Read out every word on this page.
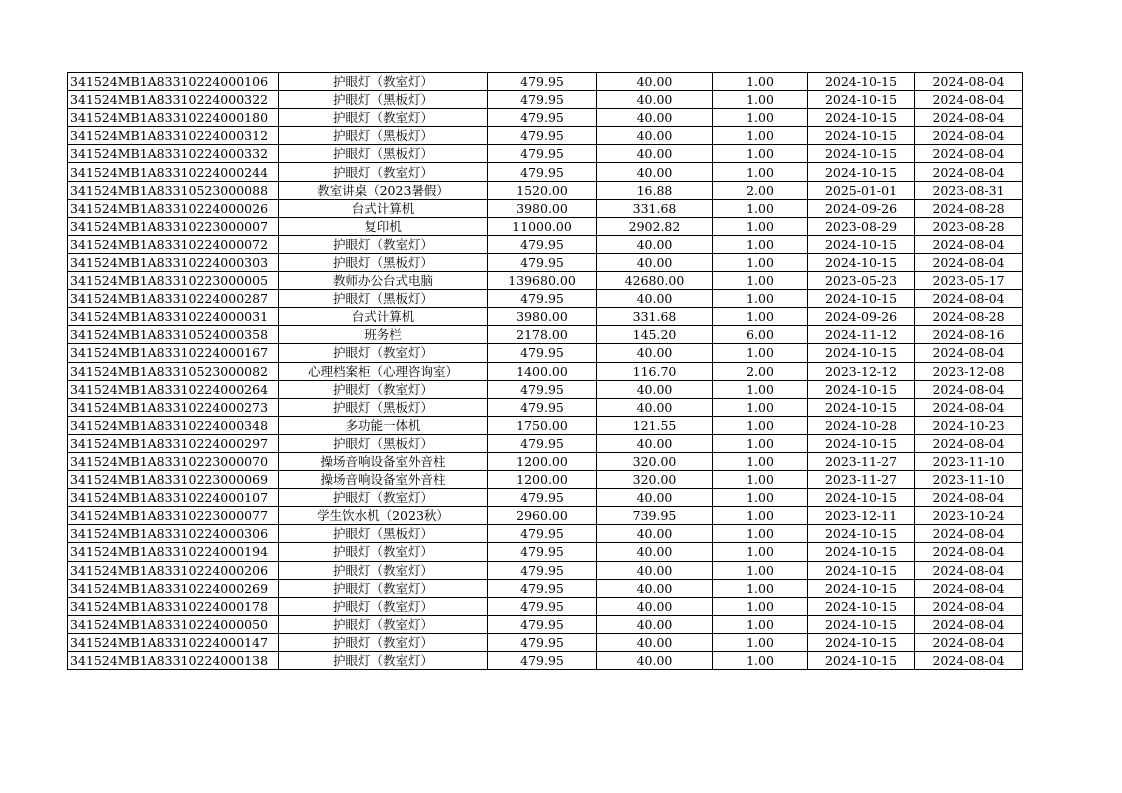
341524MB1A83310224000106	护眼灯（教室灯）	479.95	40.00	1.00	2024-10-15	2024-08-04
341524MB1A83310224000322	护眼灯（黑板灯）	479.95	40.00	1.00	2024-10-15	2024-08-04
341524MB1A83310224000180	护眼灯（教室灯）	479.95	40.00	1.00	2024-10-15	2024-08-04
341524MB1A83310224000312	护眼灯（黑板灯）	479.95	40.00	1.00	2024-10-15	2024-08-04
341524MB1A83310224000332	护眼灯（黑板灯）	479.95	40.00	1.00	2024-10-15	2024-08-04
341524MB1A83310224000244	护眼灯（教室灯）	479.95	40.00	1.00	2024-10-15	2024-08-04
341524MB1A83310523000088	教室讲桌（2023暑假）	1520.00	16.88	2.00	2025-01-01	2023-08-31
341524MB1A83310224000026	台式计算机	3980.00	331.68	1.00	2024-09-26	2024-08-28
341524MB1A83310223000007	复印机	11000.00	2902.82	1.00	2023-08-29	2023-08-28
341524MB1A83310224000072	护眼灯（教室灯）	479.95	40.00	1.00	2024-10-15	2024-08-04
341524MB1A83310224000303	护眼灯（黑板灯）	479.95	40.00	1.00	2024-10-15	2024-08-04
341524MB1A83310223000005	教师办公台式电脑	139680.00	42680.00	1.00	2023-05-23	2023-05-17
341524MB1A83310224000287	护眼灯（黑板灯）	479.95	40.00	1.00	2024-10-15	2024-08-04
341524MB1A83310224000031	台式计算机	3980.00	331.68	1.00	2024-09-26	2024-08-28
341524MB1A83310524000358	班务栏	2178.00	145.20	6.00	2024-11-12	2024-08-16
341524MB1A83310224000167	护眼灯（教室灯）	479.95	40.00	1.00	2024-10-15	2024-08-04
341524MB1A83310523000082	心理档案柜（心理咨询室）	1400.00	116.70	2.00	2023-12-12	2023-12-08
341524MB1A83310224000264	护眼灯（教室灯）	479.95	40.00	1.00	2024-10-15	2024-08-04
341524MB1A83310224000273	护眼灯（黑板灯）	479.95	40.00	1.00	2024-10-15	2024-08-04
341524MB1A83310224000348	多功能一体机	1750.00	121.55	1.00	2024-10-28	2024-10-23
341524MB1A83310224000297	护眼灯（黑板灯）	479.95	40.00	1.00	2024-10-15	2024-08-04
341524MB1A83310223000070	操场音响设备室外音柱	1200.00	320.00	1.00	2023-11-27	2023-11-10
341524MB1A83310223000069	操场音响设备室外音柱	1200.00	320.00	1.00	2023-11-27	2023-11-10
341524MB1A83310224000107	护眼灯（教室灯）	479.95	40.00	1.00	2024-10-15	2024-08-04
341524MB1A83310223000077	学生饮水机（2023秋）	2960.00	739.95	1.00	2023-12-11	2023-10-24
341524MB1A83310224000306	护眼灯（黑板灯）	479.95	40.00	1.00	2024-10-15	2024-08-04
341524MB1A83310224000194	护眼灯（教室灯）	479.95	40.00	1.00	2024-10-15	2024-08-04
341524MB1A83310224000206	护眼灯（教室灯）	479.95	40.00	1.00	2024-10-15	2024-08-04
341524MB1A83310224000269	护眼灯（教室灯）	479.95	40.00	1.00	2024-10-15	2024-08-04
341524MB1A83310224000178	护眼灯（教室灯）	479.95	40.00	1.00	2024-10-15	2024-08-04
341524MB1A83310224000050	护眼灯（教室灯）	479.95	40.00	1.00	2024-10-15	2024-08-04
341524MB1A83310224000147	护眼灯（教室灯）	479.95	40.00	1.00	2024-10-15	2024-08-04
341524MB1A83310224000138	护眼灯（教室灯）	479.95	40.00	1.00	2024-10-15	2024-08-04
